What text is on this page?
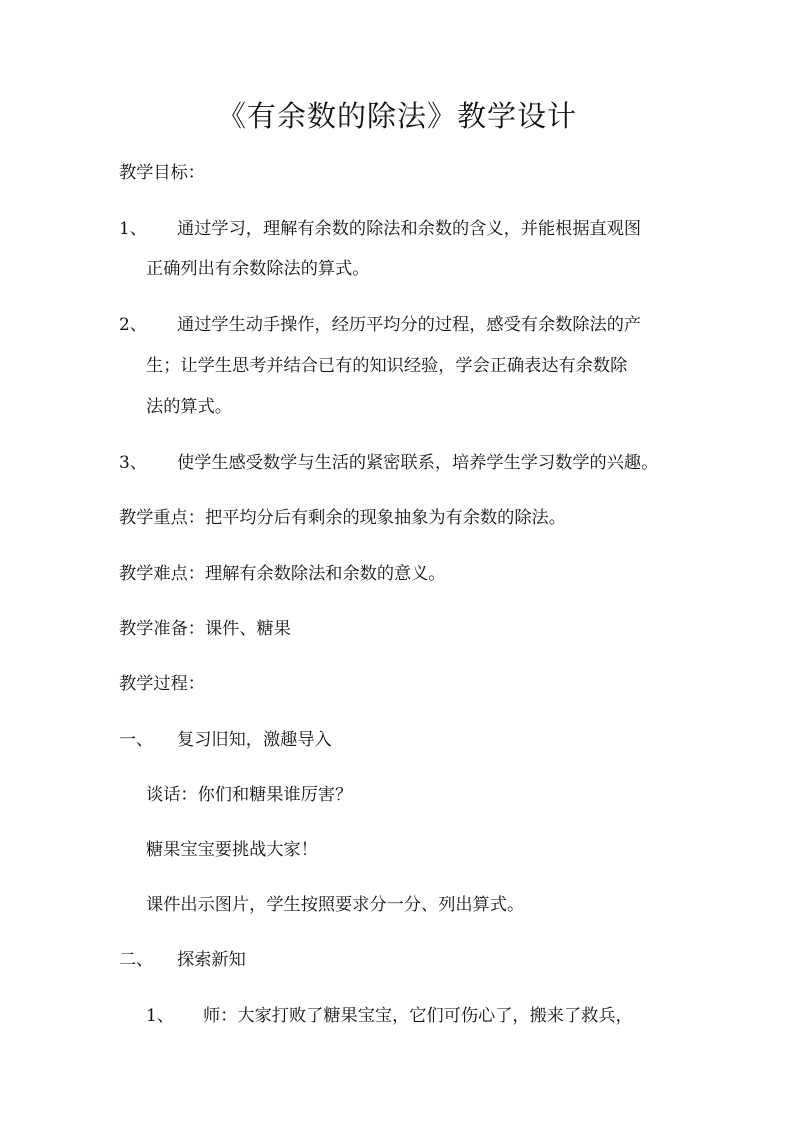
《有余数的除法》教学设计
教学目标：
1、 通过学习，理解有余数的除法和余数的含义，并能根据直观图
正确列出有余数除法的算式。
2、 通过学生动手操作，经历平均分的过程，感受有余数除法的产
生；让学生思考并结合已有的知识经验，学会正确表达有余数除
法的算式。
3、 使学生感受数学与生活的紧密联系，培养学生学习数学的兴趣。
教学重点：把平均分后有剩余的现象抽象为有余数的除法。
教学难点：理解有余数除法和余数的意义。
教学准备：课件、糖果
教学过程：
一、 复习旧知，激趣导入
谈话：你们和糖果谁厉害？
糖果宝宝要挑战大家！
课件出示图片，学生按照要求分一分、列出算式。
二、 探索新知
1、 师：大家打败了糖果宝宝，它们可伤心了，搬来了救兵，
